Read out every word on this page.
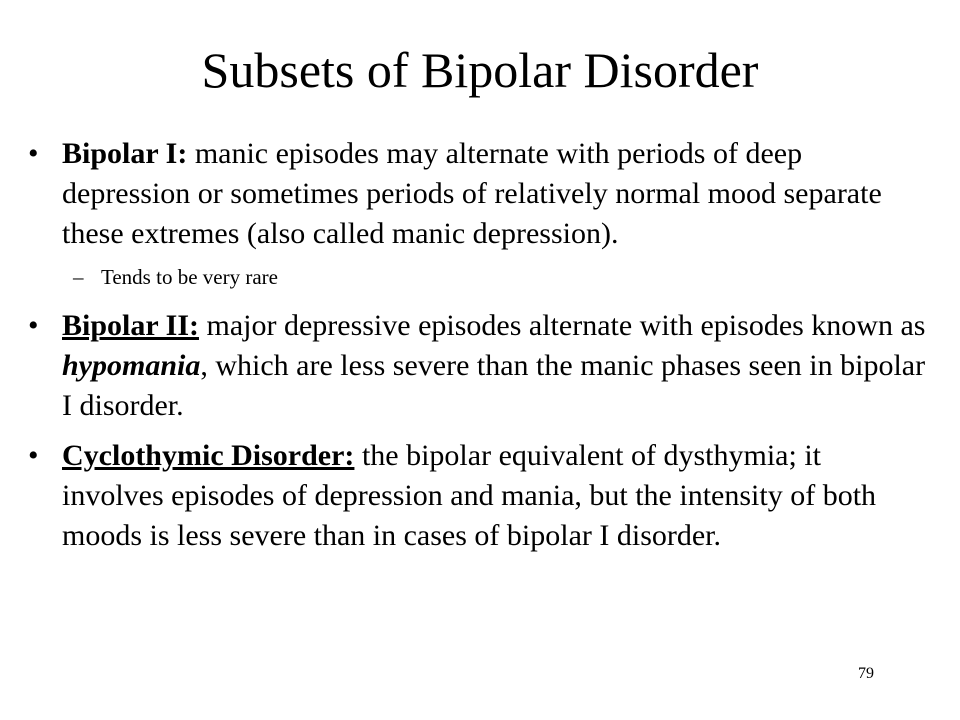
Subsets of Bipolar Disorder
• Bipolar I: manic episodes may alternate with periods of deep depression or sometimes periods of relatively normal mood separate these extremes (also called manic depression).
– Tends to be very rare
• Bipolar II: major depressive episodes alternate with episodes known as hypomania, which are less severe than the manic phases seen in bipolar I disorder.
• Cyclothymic Disorder: the bipolar equivalent of dysthymia; it involves episodes of depression and mania, but the intensity of both moods is less severe than in cases of bipolar I disorder.
79
